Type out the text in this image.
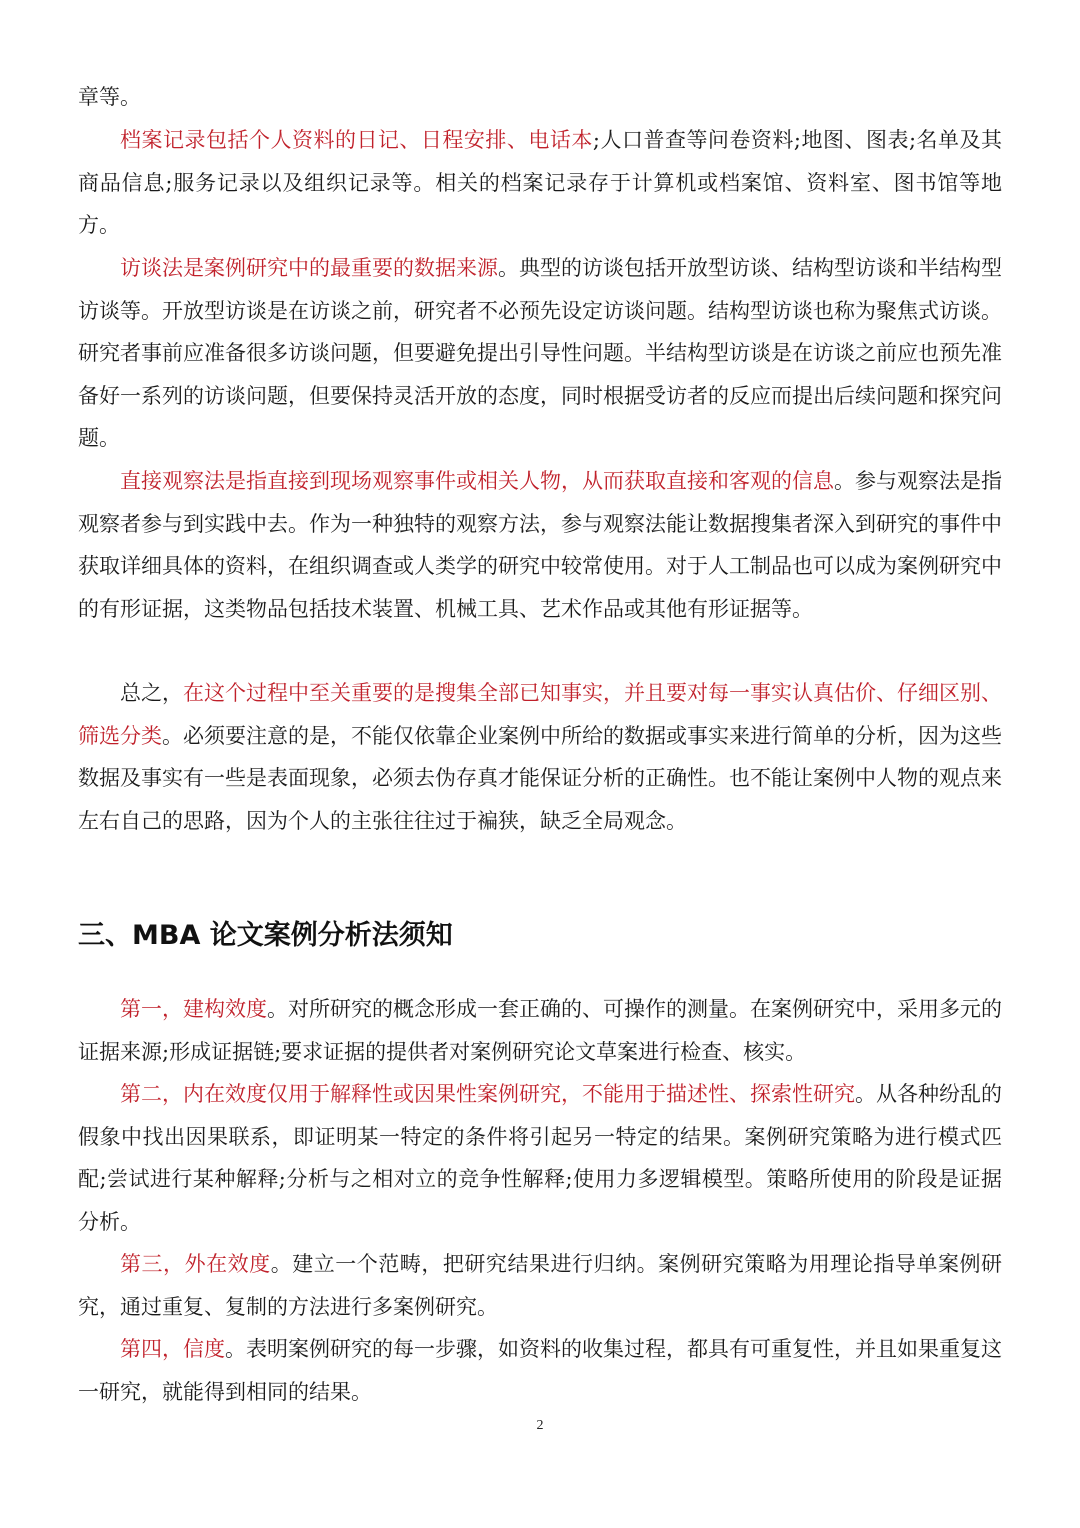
章等。

档案记录包括个人资料的日记、日程安排、电话本;人口普查等问卷资料;地图、图表;名单及其商品信息;服务记录以及组织记录等。相关的档案记录存于计算机或档案馆、资料室、图书馆等地方。

访谈法是案例研究中的最重要的数据来源。典型的访谈包括开放型访谈、结构型访谈和半结构型访谈等。开放型访谈是在访谈之前，研究者不必预先设定访谈问题。结构型访谈也称为聚焦式访谈。研究者事前应准备很多访谈问题，但要避免提出引导性问题。半结构型访谈是在访谈之前应也预先准备好一系列的访谈问题，但要保持灵活开放的态度，同时根据受访者的反应而提出后续问题和探究问题。

直接观察法是指直接到现场观察事件或相关人物，从而获取直接和客观的信息。参与观察法是指观察者参与到实践中去。作为一种独特的观察方法，参与观察法能让数据搜集者深入到研究的事件中获取详细具体的资料，在组织调查或人类学的研究中较常使用。对于人工制品也可以成为案例研究中的有形证据，这类物品包括技术装置、机械工具、艺术作品或其他有形证据等。

总之，在这个过程中至关重要的是搜集全部已知事实，并且要对每一事实认真估价、仔细区别、筛选分类。必须要注意的是，不能仅依靠企业案例中所给的数据或事实来进行简单的分析，因为这些数据及事实有一些是表面现象，必须去伪存真才能保证分析的正确性。也不能让案例中人物的观点来左右自己的思路，因为个人的主张往往过于褊狭，缺乏全局观念。

三、MBA 论文案例分析法须知

第一，建构效度。对所研究的概念形成一套正确的、可操作的测量。在案例研究中，采用多元的证据来源;形成证据链;要求证据的提供者对案例研究论文草案进行检查、核实。

第二，内在效度仅用于解释性或因果性案例研究，不能用于描述性、探索性研究。从各种纷乱的假象中找出因果联系，即证明某一特定的条件将引起另一特定的结果。案例研究策略为进行模式匹配;尝试进行某种解释;分析与之相对立的竞争性解释;使用力多逻辑模型。策略所使用的阶段是证据分析。

第三，外在效度。建立一个范畴，把研究结果进行归纳。案例研究策略为用理论指导单案例研究，通过重复、复制的方法进行多案例研究。

第四，信度。表明案例研究的每一步骤，如资料的收集过程，都具有可重复性，并且如果重复这一研究，就能得到相同的结果。

2
